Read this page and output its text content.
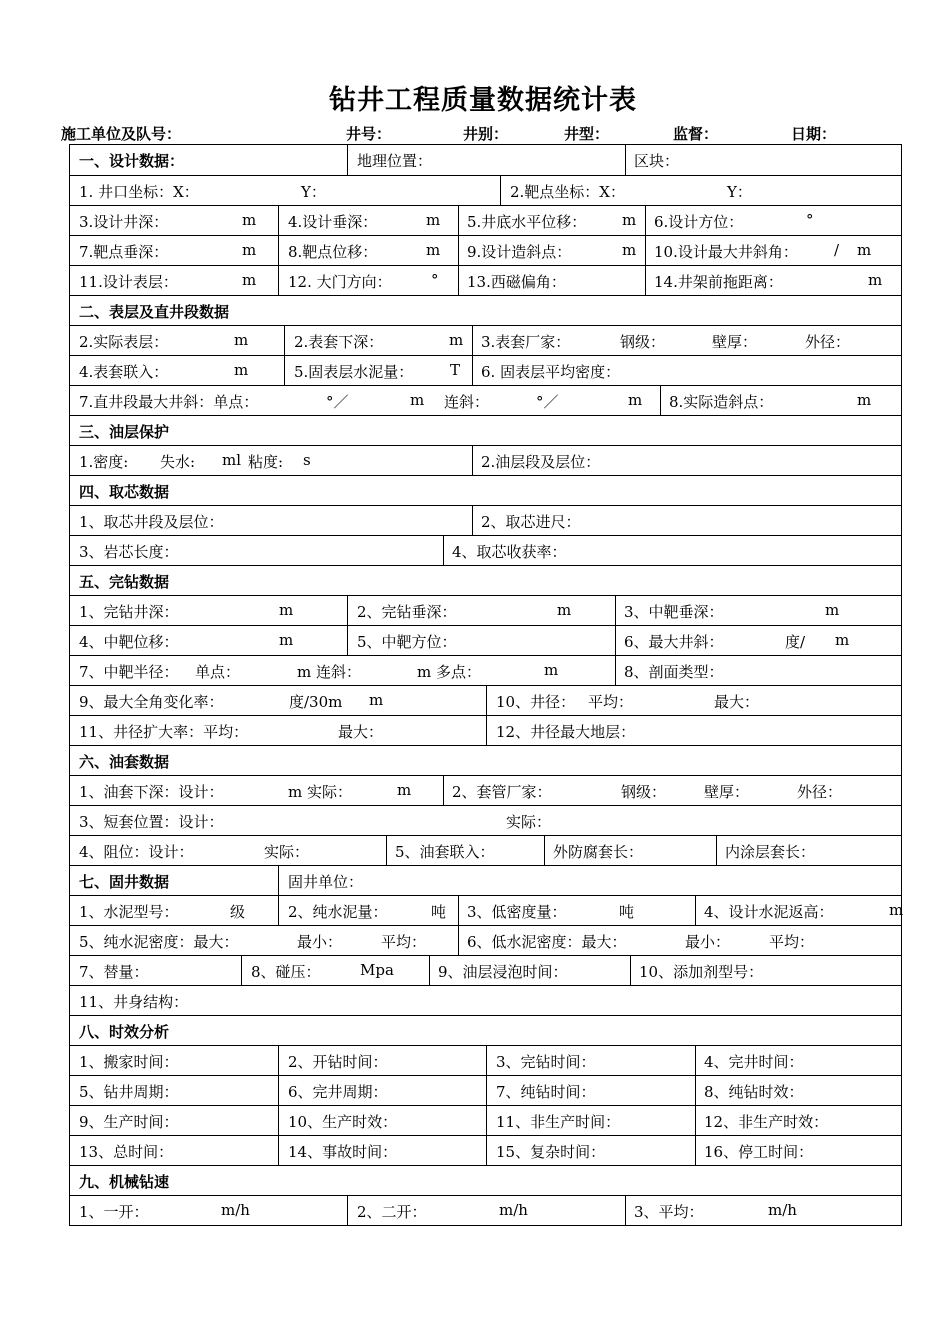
钻井工程质量数据统计表
施工单位及队号：	井号：	井别：	井型：	监督：	日期：
一、设计数据：	地理位置：	区块：
1. 井口坐标：X：	Y：	2.靶点坐标：X：	Y：
3.设计井深：	m 4.设计垂深：	m 5.井底水平位移： m 6.设计方位：	°
7.靶点垂深：	m 8.靶点位移：	m 9.设计造斜点：	m 10.设计最大井斜角： / m
11.设计表层：	m 12. 大门方向：	° 13.西磁偏角：	14.井架前拖距离：	m
二、表层及直井段数据
2.实际表层：	m	2.表套下深：	m 3.表套厂家：	钢级：	壁厚：	外径：
4.表套联入：	m	5.固表层水泥量： T 6. 固表层平均密度：
7.直井段最大井斜：单点：	°／	m 连斜：	°／	m 8.实际造斜点：	m
三、油层保护
1.密度: 失水: ml 粘度: s	2.油层段及层位：
四、取芯数据
1、取芯井段及层位：	2、取芯进尺：
3、岩芯长度：	4、取芯收获率：
五、完钻数据
1、完钻井深：	m	2、完钻垂深：	m	3、中靶垂深：	m
4、中靶位移：	m	5、中靶方位：	6、最大井斜：	度/ m
7、中靶半径： 单点：	m 连斜：	m 多点：	m	8、剖面类型：
9、最大全角变化率：	度/30m m	10、井径： 平均：	最大：
11、井径扩大率：平均：	最大：	12、井径最大地层：
六、油套数据
1、油套下深：设计：	m 实际：	m	2、套管厂家：	钢级：	壁厚：	外径：
3、短套位置：设计：	实际：
4、阻位：设计：	实际：	5、油套联入：	外防腐套长：	内涂层套长：
七、固井数据	固井单位：
1、水泥型号：	级	2、纯水泥量：	吨 3、低密度量：	吨	4、设计水泥返高：	m
5、纯水泥密度：最大：	最小：	平均：	6、低水泥密度：最大：	最小：	平均：
7、替量：	8、碰压：	Mpa	9、油层浸泡时间：	10、添加剂型号：
11、井身结构：
八、时效分析
1、搬家时间：	2、开钻时间：	3、完钻时间：	4、完井时间：
5、钻井周期：	6、完井周期：	7、纯钻时间：	8、纯钻时效：
9、生产时间：	10、生产时效：	11、非生产时间：	12、非生产时效：
13、总时间：	14、事故时间：	15、复杂时间：	16、停工时间：
九、机械钻速
1、一开：	m/h	2、二开：	m/h	3、平均：	m/h
